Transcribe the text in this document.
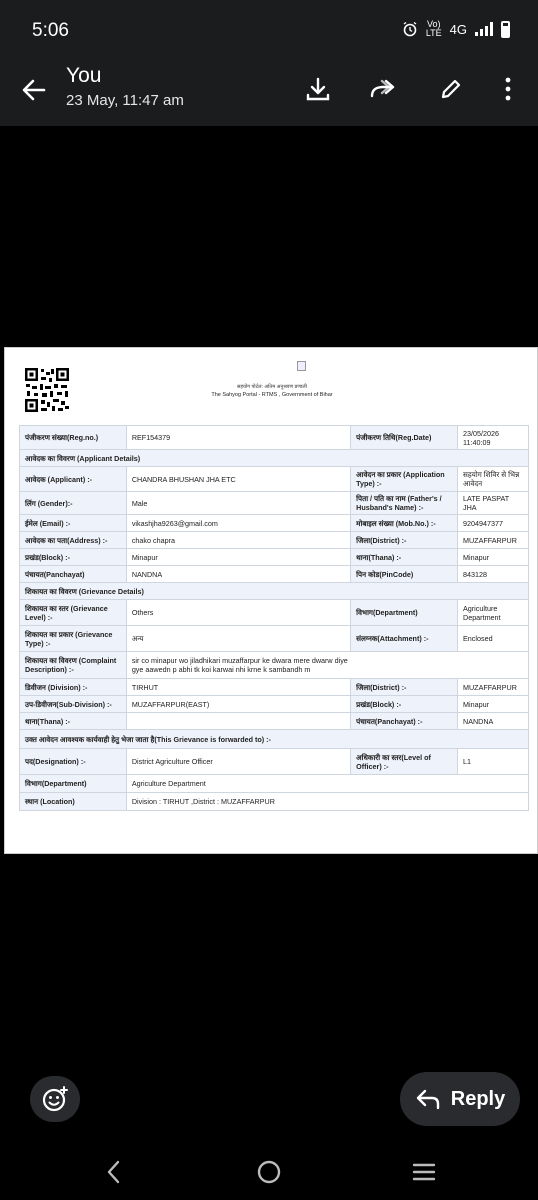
5:06	Vo)
LTE 4G
You
23 May, 11:47 am
सहयोग पोर्टल: अतिम अनुश्रवण प्रणाली
The Sahyog Portal - RTMS , Government of Bihar
पंजीकरण संख्या(Reg.no.)	REF154379	पंजीकरण तिथि(Reg.Date)	23/05/2026
11:40:09
आवेदक का विवरण (Applicant Details)			
आवेदक (Applicant) :-	CHANDRA BHUSHAN JHA ETC	आवेदन का प्रकार (Application Type) :-	सहयोग शिविर से भिन्न आवेदन
लिंग (Gender):-	Male	पिता / पति का नाम (Father's / Husband's Name) :-	LATE PASPAT JHA
ईमेल (Email) :-	vikashjha9263@gmail.com	मोबाइल संख्या (Mob.No.) :-	9204947377
आवेदक का पता(Address) :-	chako chapra	जिला(District) :-	MUZAFFARPUR
प्रखंड(Block) :-	Minapur	थाना(Thana) :-	Minapur
पंचायत(Panchayat)	NANDNA	पिन कोड(PinCode)	843128
शिकायत का विवरण (Grievance Details)			
शिकायत का स्तर (Grievance Level) :-	Others	विभाग(Department)	Agriculture Department
शिकायत का प्रकार (Grievance Type) :-	अन्य	संलग्नक(Attachment) :-	Enclosed
शिकायत का विवरण (Complaint Description) :-	sir co minapur wo jiladhikari muzaffarpur ke dwara mere dwarw diye gye aawedn p abhi tk koi karwai nhi krne k sambandh m		
डिवीजन (Division) :-	TIRHUT	जिला(District) :-	MUZAFFARPUR
उप-डिवीजन(Sub-Division) :-	MUZAFFARPUR(EAST)	प्रखंड(Block) :-	Minapur
थाना(Thana) :-		पंचायत(Panchayat) :-	NANDNA
उक्त आवेदन आवश्यक कार्यवाही हेतु भेजा जाता है(This Grievance is forwarded to) :-			
पद(Designation) :-	District Agriculture Officer	अधिकारी का स्तर(Level of Officer) :-	L1
विभाग(Department)	Agriculture Department		
स्थान (Location)	Division : TIRHUT ,District : MUZAFFARPUR		
Reply
